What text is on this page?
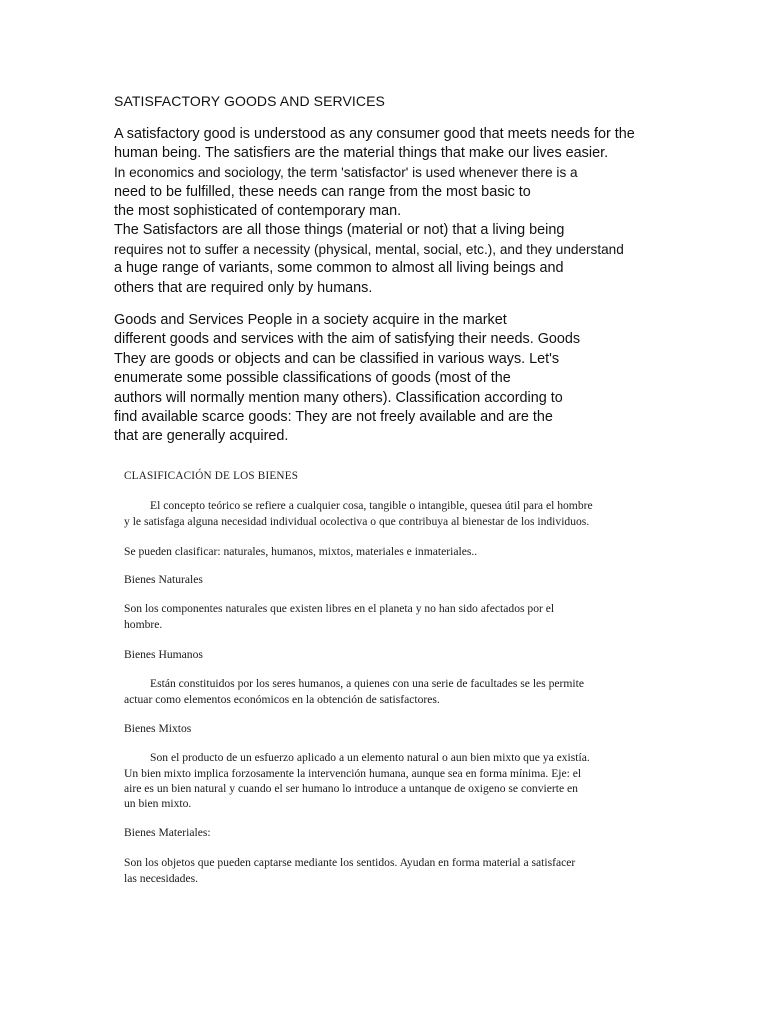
SATISFACTORY GOODS AND SERVICES
A satisfactory good is understood as any consumer good that meets needs for the
human being. The satisfiers are the material things that make our lives easier.
In economics and sociology, the term 'satisfactor' is used whenever there is a
need to be fulfilled, these needs can range from the most basic to
the most sophisticated of contemporary man.
The Satisfactors are all those things (material or not) that a living being
requires not to suffer a necessity (physical, mental, social, etc.), and they understand
a huge range of variants, some common to almost all living beings and
others that are required only by humans.
Goods and Services People in a society acquire in the market
different goods and services with the aim of satisfying their needs. Goods
They are goods or objects and can be classified in various ways. Let's
enumerate some possible classifications of goods (most of the
authors will normally mention many others). Classification according to
find available scarce goods: They are not freely available and are the
that are generally acquired.
CLASIFICACIÓN DE LOS BIENES
El concepto teórico se refiere a cualquier cosa, tangible o intangible, quesea útil para el hombre
y le satisfaga alguna necesidad individual ocolectiva o que contribuya al bienestar de los individuos.
Se pueden clasificar: naturales, humanos, mixtos, materiales e inmateriales..
Bienes Naturales
Son los componentes naturales que existen libres en el planeta y no han sido afectados por el
hombre.
Bienes Humanos
Están constituidos por los seres humanos, a quienes con una serie de facultades se les permite
actuar como elementos económicos en la obtención de satisfactores.
Bienes Mixtos
Son el producto de un esfuerzo aplicado a un elemento natural o aun bien mixto que ya existía.
Un bien mixto implica forzosamente la intervención humana, aunque sea en forma mínima. Eje: el
aire es un bien natural y cuando el ser humano lo introduce a untanque de oxigeno se convierte en
un bien mixto.
Bienes Materiales:
Son los objetos que pueden captarse mediante los sentidos. Ayudan en forma material a satisfacer
las necesidades.
